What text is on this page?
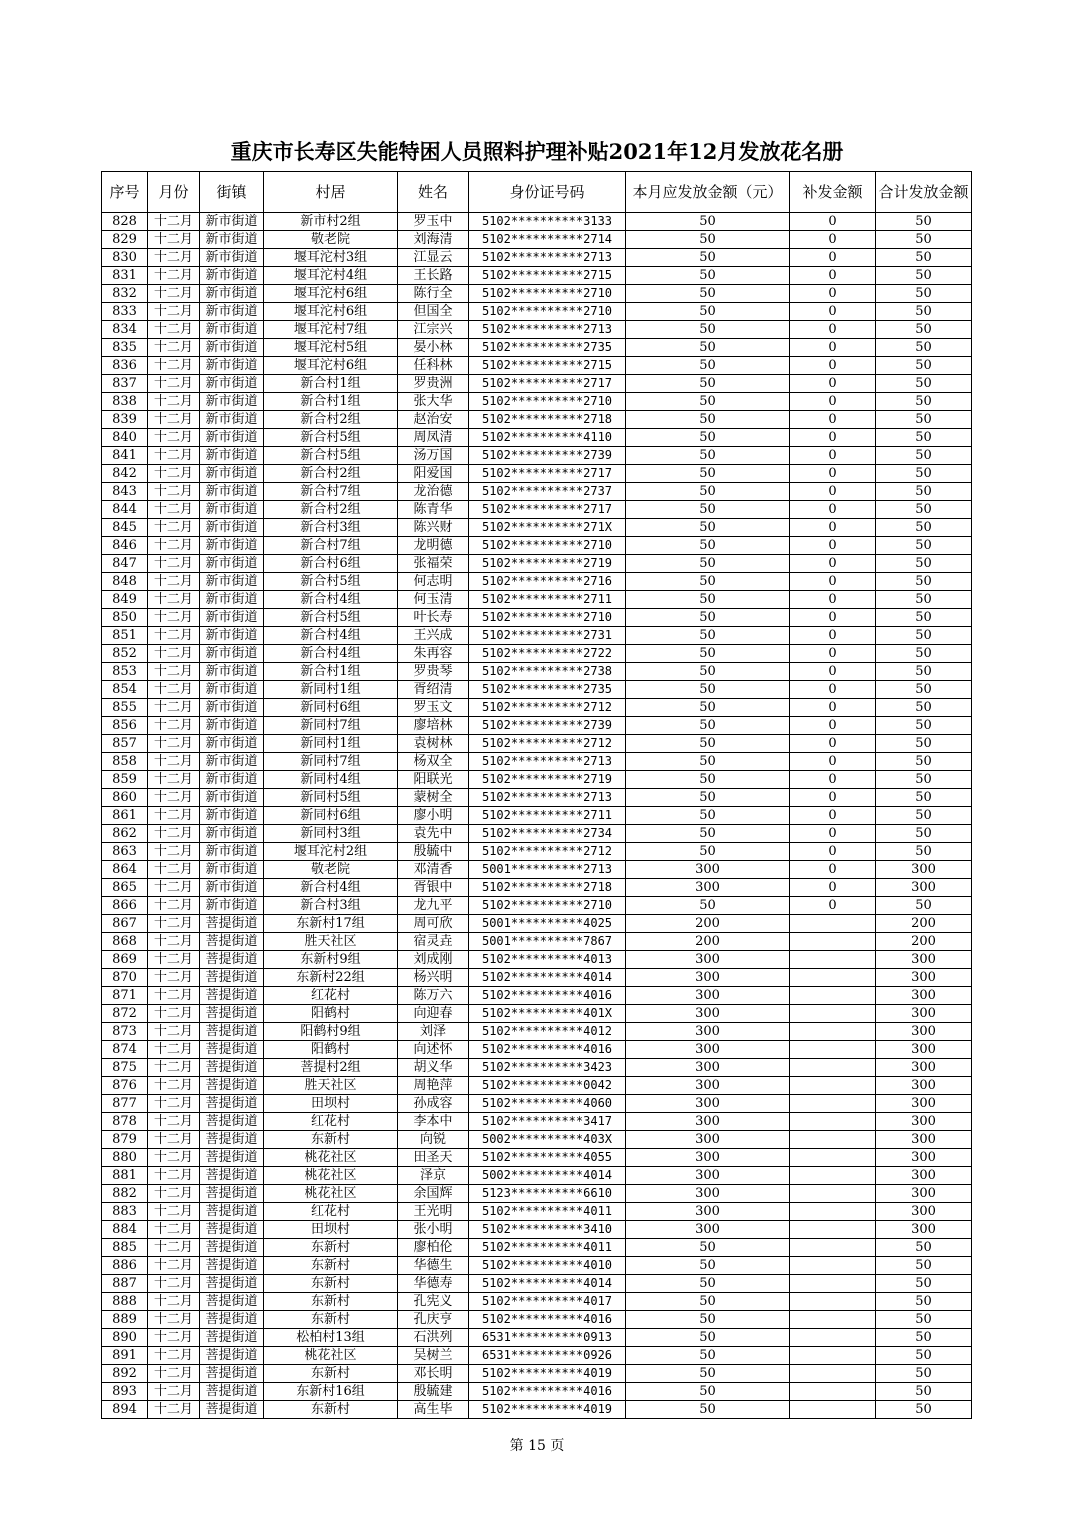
重庆市长寿区失能特困人员照料护理补贴2021年12月发放花名册
序号	月份	街镇	村居	姓名	身份证号码	本月应发放金额（元）	补发金额	合计发放金额
828	十二月	新市街道	新市村2组	罗玉中	5102**********3133	50	0	50
829	十二月	新市街道	敬老院	刘海清	5102**********2714	50	0	50
830	十二月	新市街道	堰耳沱村3组	江显云	5102**********2713	50	0	50
831	十二月	新市街道	堰耳沱村4组	王长路	5102**********2715	50	0	50
832	十二月	新市街道	堰耳沱村6组	陈行全	5102**********2710	50	0	50
833	十二月	新市街道	堰耳沱村6组	但国全	5102**********2710	50	0	50
834	十二月	新市街道	堰耳沱村7组	江宗兴	5102**********2713	50	0	50
835	十二月	新市街道	堰耳沱村5组	晏小林	5102**********2735	50	0	50
836	十二月	新市街道	堰耳沱村6组	任科林	5102**********2715	50	0	50
837	十二月	新市街道	新合村1组	罗贵洲	5102**********2717	50	0	50
838	十二月	新市街道	新合村1组	张大华	5102**********2710	50	0	50
839	十二月	新市街道	新合村2组	赵治安	5102**********2718	50	0	50
840	十二月	新市街道	新合村5组	周凤清	5102**********4110	50	0	50
841	十二月	新市街道	新合村5组	汤万国	5102**********2739	50	0	50
842	十二月	新市街道	新合村2组	阳爱国	5102**********2717	50	0	50
843	十二月	新市街道	新合村7组	龙治德	5102**********2737	50	0	50
844	十二月	新市街道	新合村2组	陈青华	5102**********2717	50	0	50
845	十二月	新市街道	新合村3组	陈兴财	5102**********271X	50	0	50
846	十二月	新市街道	新合村7组	龙明德	5102**********2710	50	0	50
847	十二月	新市街道	新合村6组	张福荣	5102**********2719	50	0	50
848	十二月	新市街道	新合村5组	何志明	5102**********2716	50	0	50
849	十二月	新市街道	新合村4组	何玉清	5102**********2711	50	0	50
850	十二月	新市街道	新合村5组	叶长寿	5102**********2710	50	0	50
851	十二月	新市街道	新合村4组	王兴成	5102**********2731	50	0	50
852	十二月	新市街道	新合村4组	朱再容	5102**********2722	50	0	50
853	十二月	新市街道	新合村1组	罗贵琴	5102**********2738	50	0	50
854	十二月	新市街道	新同村1组	胥绍清	5102**********2735	50	0	50
855	十二月	新市街道	新同村6组	罗玉文	5102**********2712	50	0	50
856	十二月	新市街道	新同村7组	廖培林	5102**********2739	50	0	50
857	十二月	新市街道	新同村1组	袁树林	5102**********2712	50	0	50
858	十二月	新市街道	新同村7组	杨双全	5102**********2713	50	0	50
859	十二月	新市街道	新同村4组	阳联光	5102**********2719	50	0	50
860	十二月	新市街道	新同村5组	蒙树全	5102**********2713	50	0	50
861	十二月	新市街道	新同村6组	廖小明	5102**********2711	50	0	50
862	十二月	新市街道	新同村3组	袁先中	5102**********2734	50	0	50
863	十二月	新市街道	堰耳沱村2组	殷毓中	5102**********2712	50	0	50
864	十二月	新市街道	敬老院	邓清香	5001**********2713	300	0	300
865	十二月	新市街道	新合村4组	胥银中	5102**********2718	300	0	300
866	十二月	新市街道	新合村3组	龙九平	5102**********2710	50	0	50
867	十二月	菩提街道	东新村17组	周可欣	5001**********4025	200		200
868	十二月	菩提街道	胜天社区	宿灵垚	5001**********7867	200		200
869	十二月	菩提街道	东新村9组	刘成刚	5102**********4013	300		300
870	十二月	菩提街道	东新村22组	杨兴明	5102**********4014	300		300
871	十二月	菩提街道	红花村	陈万六	5102**********4016	300		300
872	十二月	菩提街道	阳鹤村	向迎春	5102**********401X	300		300
873	十二月	菩提街道	阳鹤村9组	刘泽	5102**********4012	300		300
874	十二月	菩提街道	阳鹤村	向述怀	5102**********4016	300		300
875	十二月	菩提街道	菩提村2组	胡义华	5102**********3423	300		300
876	十二月	菩提街道	胜天社区	周艳萍	5102**********0042	300		300
877	十二月	菩提街道	田坝村	孙成容	5102**********4060	300		300
878	十二月	菩提街道	红花村	李本中	5102**********3417	300		300
879	十二月	菩提街道	东新村	向锐	5002**********403X	300		300
880	十二月	菩提街道	桃花社区	田圣天	5102**********4055	300		300
881	十二月	菩提街道	桃花社区	泽京	5002**********4014	300		300
882	十二月	菩提街道	桃花社区	余国辉	5123**********6610	300		300
883	十二月	菩提街道	红花村	王光明	5102**********4011	300		300
884	十二月	菩提街道	田坝村	张小明	5102**********3410	300		300
885	十二月	菩提街道	东新村	廖柏伦	5102**********4011	50		50
886	十二月	菩提街道	东新村	华德生	5102**********4010	50		50
887	十二月	菩提街道	东新村	华德寿	5102**********4014	50		50
888	十二月	菩提街道	东新村	孔宪义	5102**********4017	50		50
889	十二月	菩提街道	东新村	孔庆亨	5102**********4016	50		50
890	十二月	菩提街道	松柏村13组	石洪列	6531**********0913	50		50
891	十二月	菩提街道	桃花社区	吴树兰	6531**********0926	50		50
892	十二月	菩提街道	东新村	邓长明	5102**********4019	50		50
893	十二月	菩提街道	东新村16组	殷毓建	5102**********4016	50		50
894	十二月	菩提街道	东新村	高生毕	5102**********4019	50		50
第 15 页
